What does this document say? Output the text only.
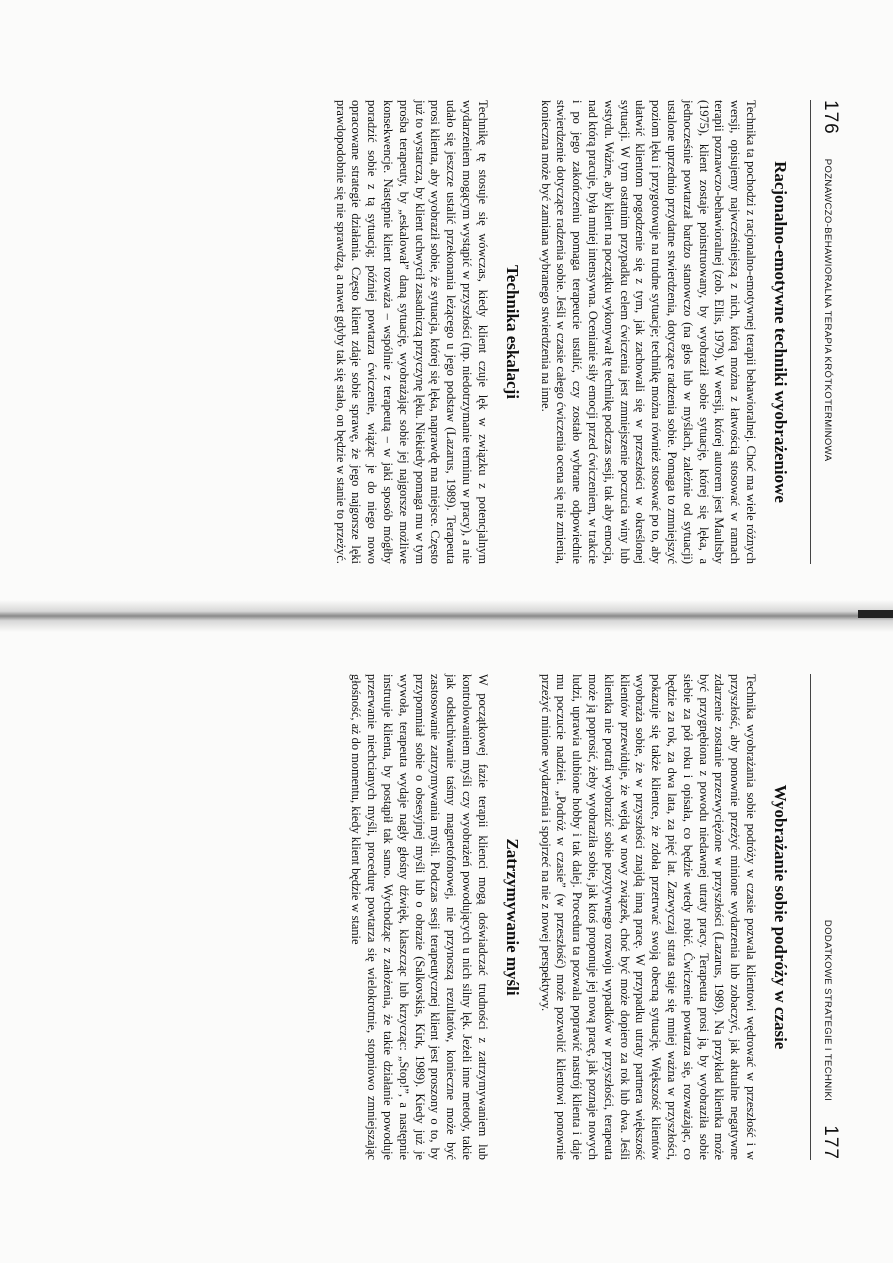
176
POZNAWCZO-BEHAWIORALNA TERAPIA KRÓTKOTERMINOWA
Racjonalno-emotywne techniki wyobrażeniowe

Technika ta pochodzi z racjonalno-emotywnej terapii behawioralnej. Choć ma wiele różnych wersji, opisujemy najwcześniejszą z nich, którą można z łatwością stosować w ramach terapii poznawczo-behawioralnej (zob. Ellis, 1979). W wersji, której autorem jest Maultsby (1975), klient zostaje poinstruowany, by wyobraził sobie sytuację, której się lęka, a jednocześnie powtarzał bardzo stanowczo (na głos lub w myślach, zależnie od sytuacji) ustalone uprzednio przydatne stwierdzenia, dotyczące radzenia sobie. Pomaga to zmniejszyć poziom lęku i przygotowuje na trudne sytuacje; technikę można również stosować po to, aby ułatwić klientom pogodzenie się z tym, jak zachowali się w przeszłości w określonej sytuacji. W tym ostatnim przypadku celem ćwiczenia jest zmniejszenie poczucia winy lub wstydu. Ważne, aby klient na początku wykonywał tę technikę podczas sesji, tak aby emocja, nad którą pracuje, była mniej intensywna. Ocenianie siły emocji przed ćwiczeniem, w trakcie i po jego zakończeniu pomaga terapeucie ustalić, czy zostało wybrane odpowiednie stwierdzenie dotyczące radzenia sobie. Jeśli w czasie całego ćwiczenia ocena się nie zmienia, konieczna może być zamiana wybranego stwierdzenia na inne.

Technika eskalacji

Technikę tę stosuje się wówczas, kiedy klient czuje lęk w związku z potencjalnym wydarzeniem mogącym wystąpić w przyszłości (np. niedotrzymanie terminu w pracy), a nie udało się jeszcze ustalić przekonania leżącego u jego podstaw (Lazarus, 1989). Terapeuta prosi klienta, aby wyobraził sobie, że sytuacja, której się lęka, naprawdę ma miejsce. Często już to wystarcza, by klient uchwycił zasadniczą przyczynę lęku. Niekiedy pomaga mu w tym prośba terapeuty, by „eskalował” daną sytuację, wyobrażając sobie jej najgorsze możliwe konsekwencje. Następnie klient rozważa – wspólnie z terapeutą – w jaki sposób mógłby poradzić sobie z tą sytuacją; później powtarza ćwiczenie, wiążąc je do niego nowo opracowane strategie działania. Często klient zdaje sobie sprawę, że jego najgorsze lęki prawdopodobnie się nie sprawdzą, a nawet gdyby tak się stało, on będzie w stanie to przeżyć.

DODATKOWE STRATEGIE I TECHNIKI
177
Wyobrażanie sobie podróży w czasie

Technika wyobrażania sobie podróży w czasie pozwala klientowi wędrować w przeszłość i w przyszłość, aby ponownie przeżyć minione wydarzenia lub zobaczyć, jak aktualne negatywne zdarzenie zostanie przezwyciężone w przyszłości (Lazarus, 1989). Na przykład klientka może być przygnębiona z powodu niedawnej utraty pracy. Terapeuta prosi ją, by wyobraziła sobie siebie za pół roku i opisała, co będzie wtedy robić. Ćwiczenie powtarza się, rozważając, co będzie za rok, za dwa lata, za pięć lat. Zazwyczaj strata staje się mniej ważna w przyszłości, pokazuje się także klientce, że zdoła przetrwać swoją obecną sytuację. Większość klientów wyobraża sobie, że w przyszłości znajdą inną pracę. W przypadku utraty partnera większość klientów przewiduje, że wejdą w nowy związek, choć być może dopiero za rok lub dwa. Jeśli klientka nie potrafi wyobrazić sobie pozytywnego rozwoju wypadków w przyszłości, terapeuta może ją poprosić, żeby wyobraziła sobie, jak ktoś proponuje jej nową pracę, jak poznaje nowych ludzi, uprawia ulubione hobby i tak dalej. Procedura ta pozwala poprawić nastrój klienta i daje mu poczucie nadziei. „Podróż w czasie” (w przeszłość) może pozwolić klientowi ponownie przeżyć minione wydarzenia i spojrzeć na nie z nowej perspektywy.

Zatrzymywanie myśli

W początkowej fazie terapii klienci mogą doświadczać trudności z zatrzymywaniem lub kontrolowaniem myśli czy wyobrażeń powodujących u nich silny lęk. Jeżeli inne metody, takie jak odsłuchiwanie taśmy magnetofonowej, nie przynoszą rezultatów, konieczne może być zastosowanie zatrzymywania myśli. Podczas sesji terapeutycznej klient jest proszony o to, by przypomniał sobie o obsesyjnej myśli lub o obrazie (Salkovskis, Kirk, 1989). Kiedy już je wywoła, terapeuta wydaje nagły głośny dźwięk, klaszcząc lub krzycząc: „Stop!”, a następnie instruuje klienta, by postąpił tak samo. Wychodząc z założenia, że takie działanie powoduje przerwanie niechcianych myśli, procedurę powtarza się wielokrotnie, stopniowo zmniejszając głośność, aż do momentu, kiedy klient będzie w stanie
